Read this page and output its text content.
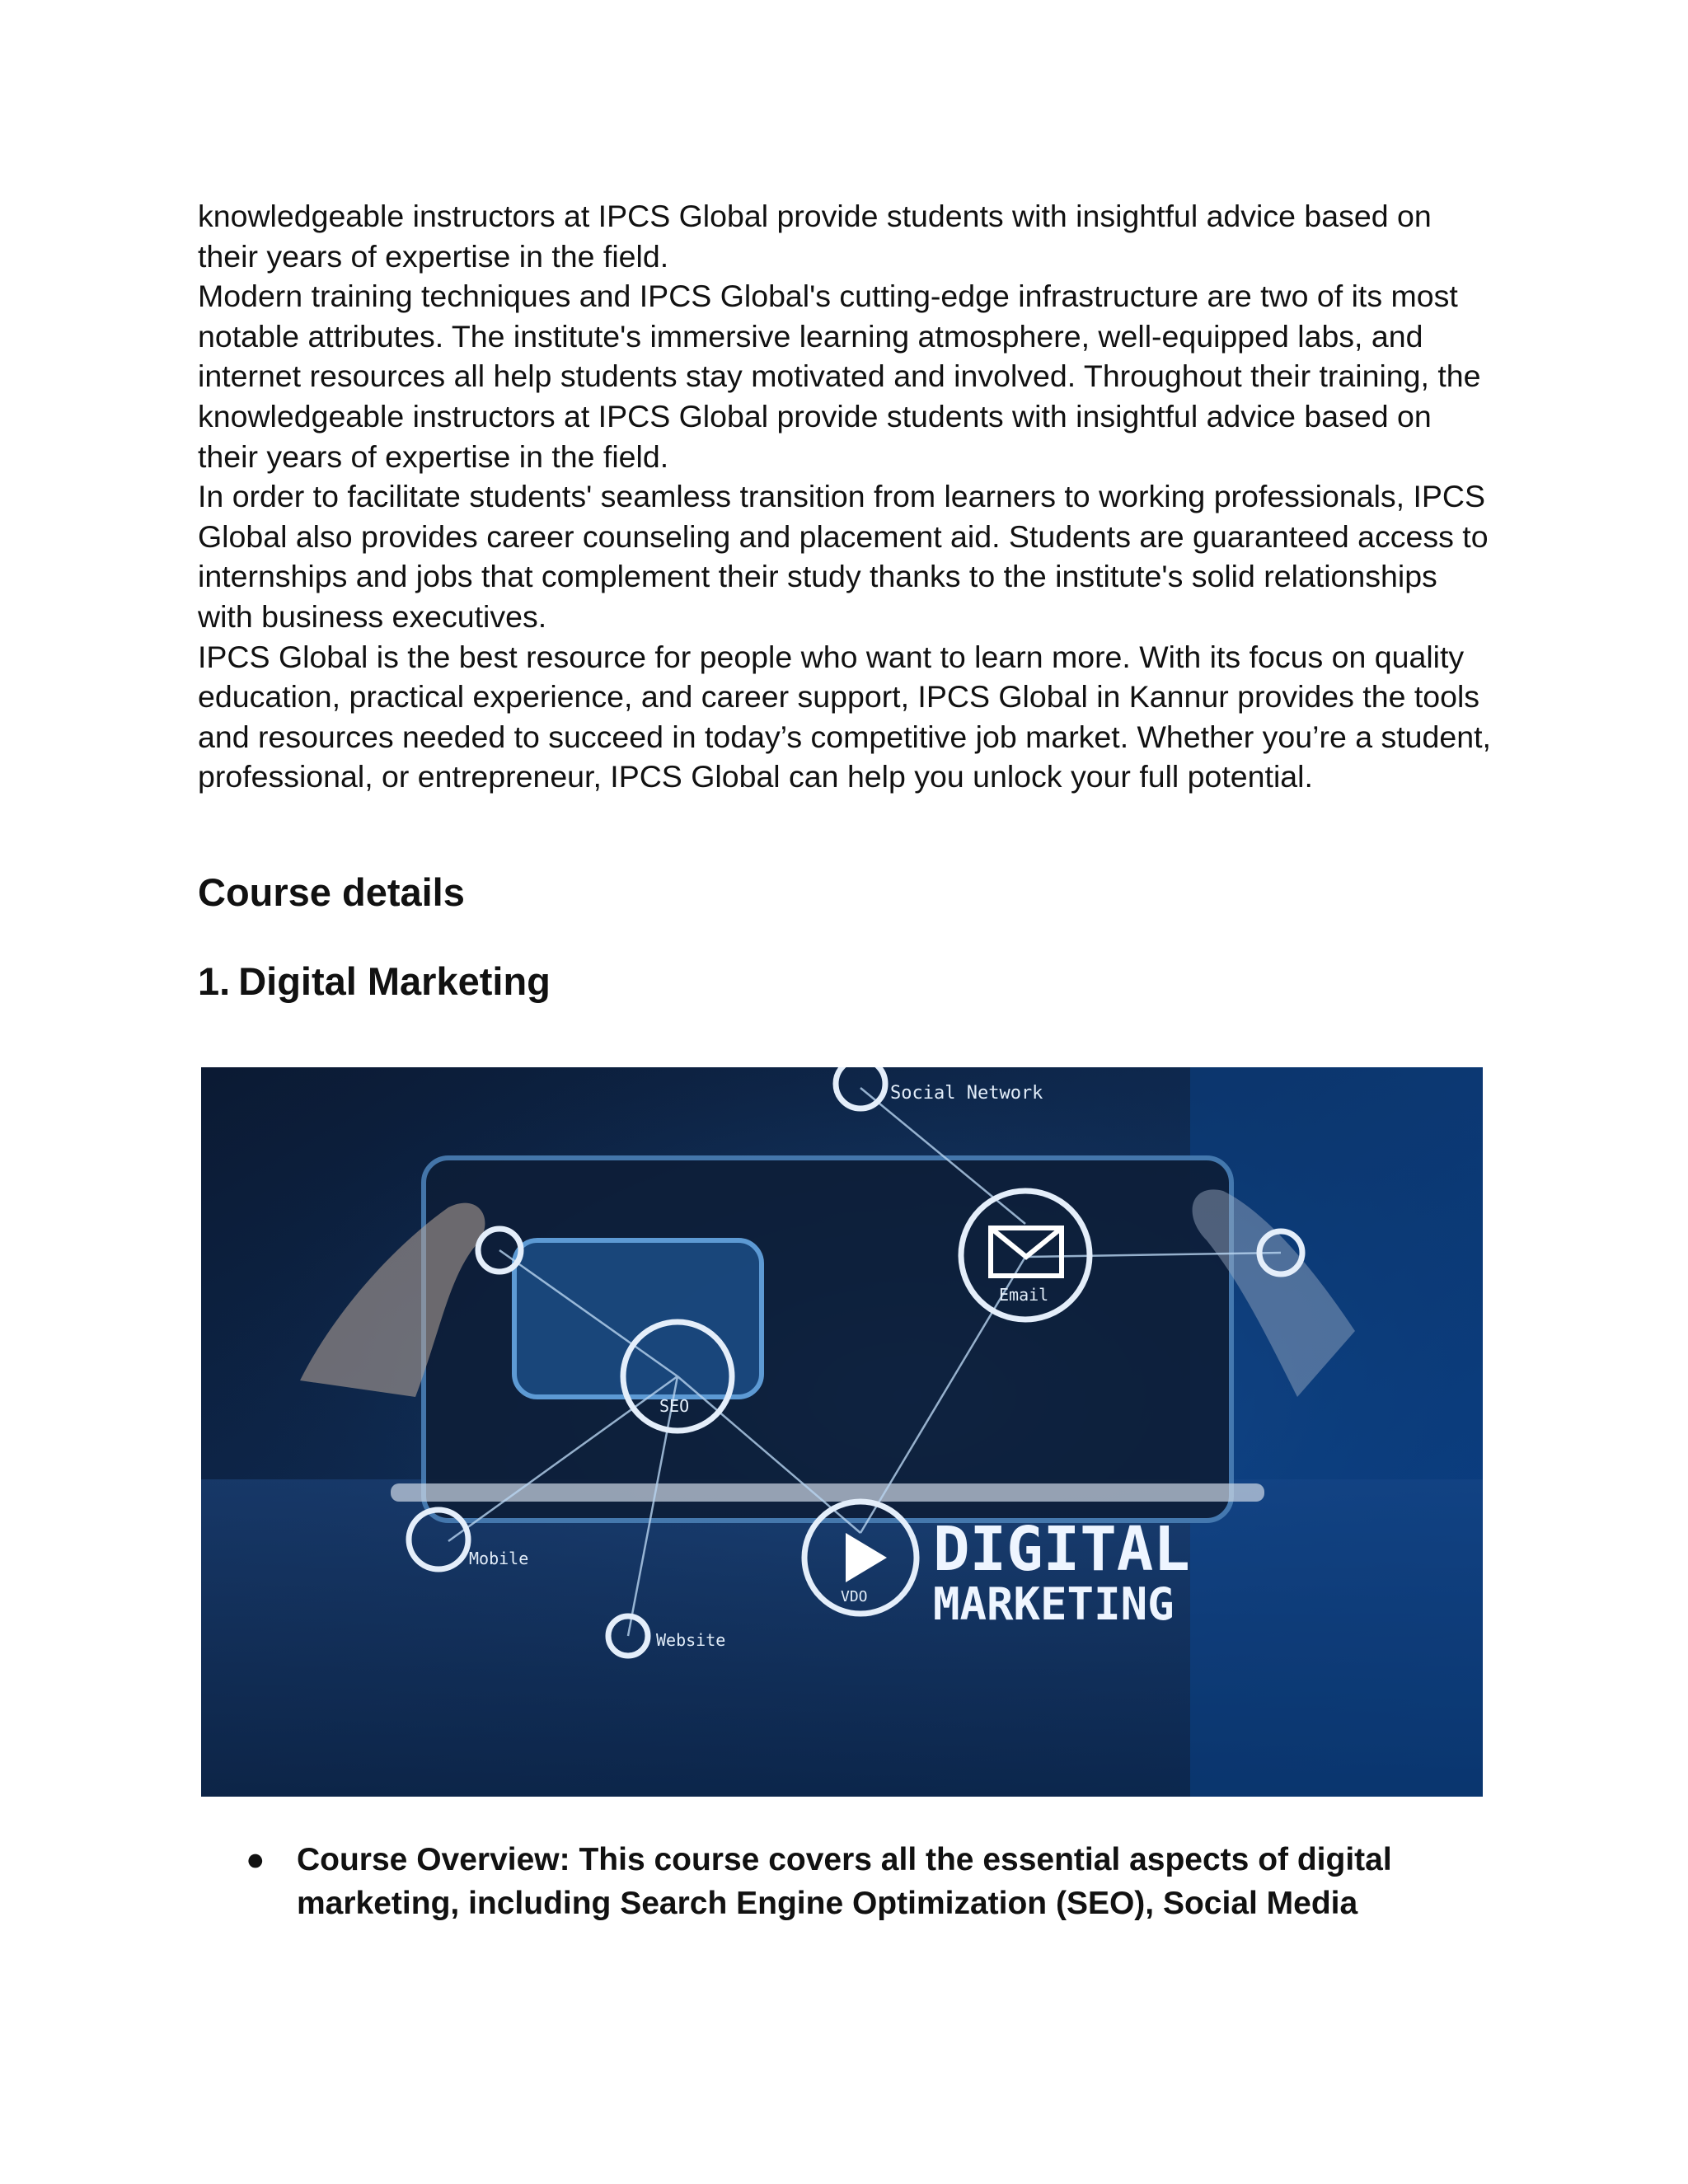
knowledgeable instructors at IPCS Global provide students with insightful advice based on their years of expertise in the field.

Modern training techniques and IPCS Global's cutting-edge infrastructure are two of its most notable attributes. The institute's immersive learning atmosphere, well-equipped labs, and internet resources all help students stay motivated and involved. Throughout their training, the knowledgeable instructors at IPCS Global provide students with insightful advice based on their years of expertise in the field.

In order to facilitate students' seamless transition from learners to working professionals, IPCS Global also provides career counseling and placement aid. Students are guaranteed access to internships and jobs that complement their study thanks to the institute's solid relationships with business executives.

IPCS Global is the best resource for people who want to learn more. With its focus on quality education, practical experience, and career support, IPCS Global in Kannur provides the tools and resources needed to succeed in today’s competitive job market. Whether you’re a student, professional, or entrepreneur, IPCS Global can help you unlock your full potential.

Course details
1. Digital Marketing
Social Network
Email
SEO
Mobile
Website
VDO
DIGITAL
MARKETING
● Course Overview: This course covers all the essential aspects of digital marketing, including Search Engine Optimization (SEO), Social Media
